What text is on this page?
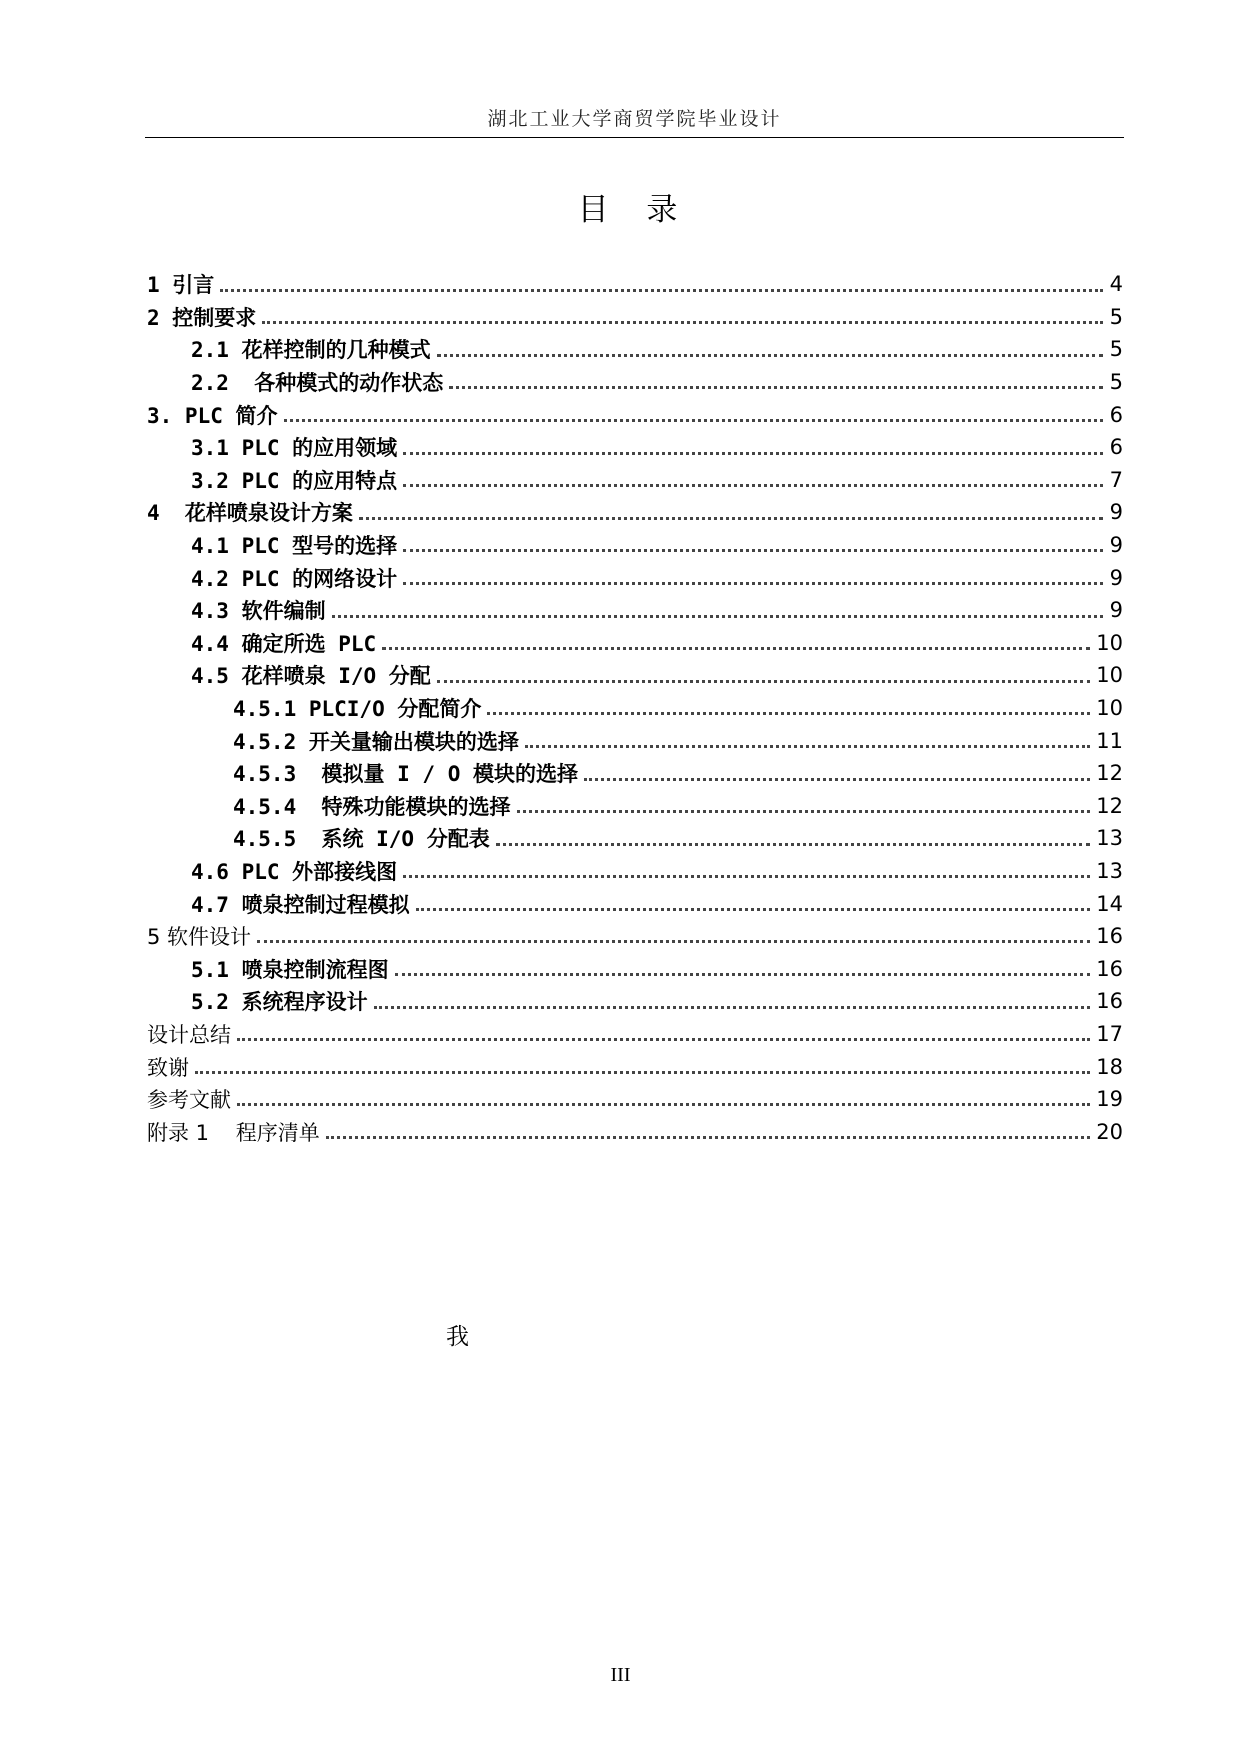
湖北工业大学商贸学院毕业设计
目 录
1 引言	4
2 控制要求	5
2.1 花样控制的几种模式	5
2.2  各种模式的动作状态	5
3. PLC 简介	6
3.1 PLC 的应用领域	6
3.2 PLC 的应用特点	7
4  花样喷泉设计方案	9
4.1 PLC 型号的选择	9
4.2 PLC 的网络设计	9
4.3 软件编制	9
4.4 确定所选 PLC	10
4.5 花样喷泉 I/O 分配	10
4.5.1 PLCI/O 分配简介	10
4.5.2 开关量输出模块的选择	11
4.5.3  模拟量 I / O 模块的选择	12
4.5.4  特殊功能模块的选择	12
4.5.5  系统 I/O 分配表	13
4.6 PLC 外部接线图	13
4.7 喷泉控制过程模拟	14
5 软件设计	16
5.1 喷泉控制流程图	16
5.2 系统程序设计	16
设计总结	17
致谢	18
参考文献	19
附录 1    程序清单	20
我
III
